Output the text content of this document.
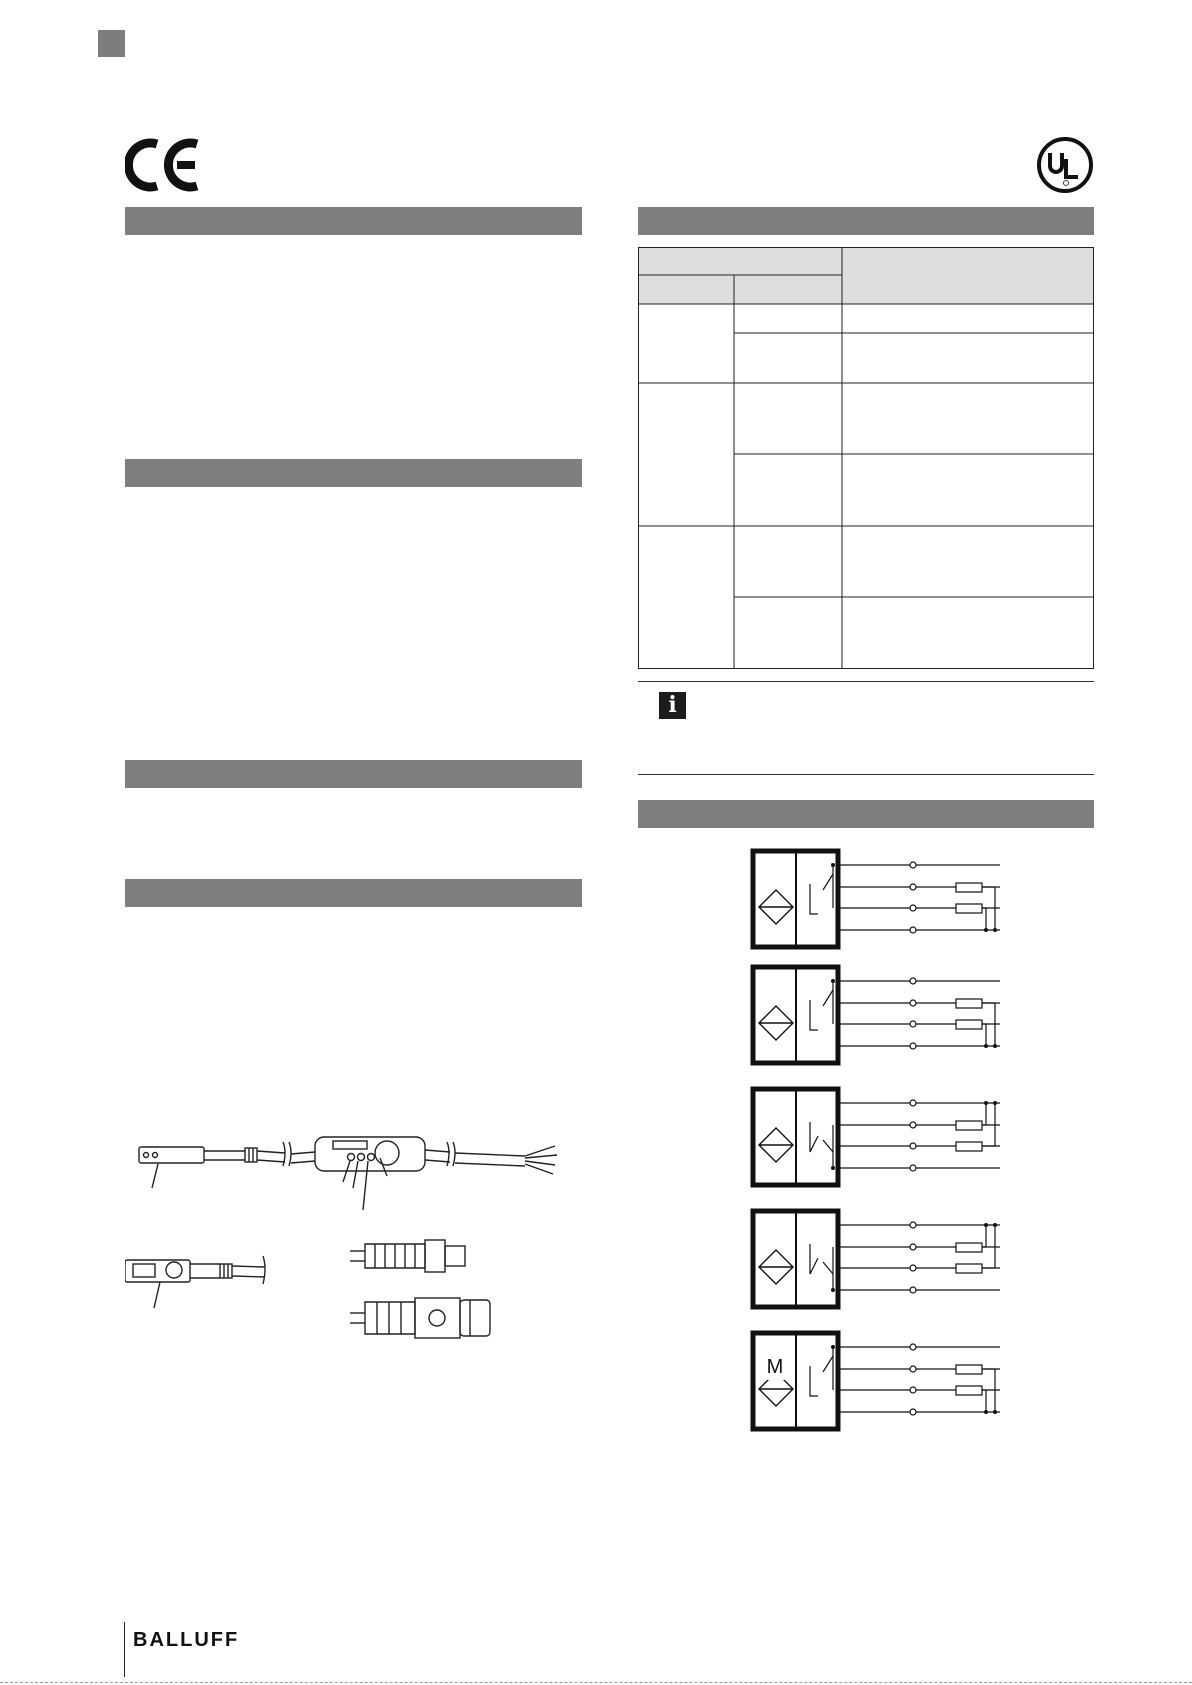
i
M
BALLUFF
